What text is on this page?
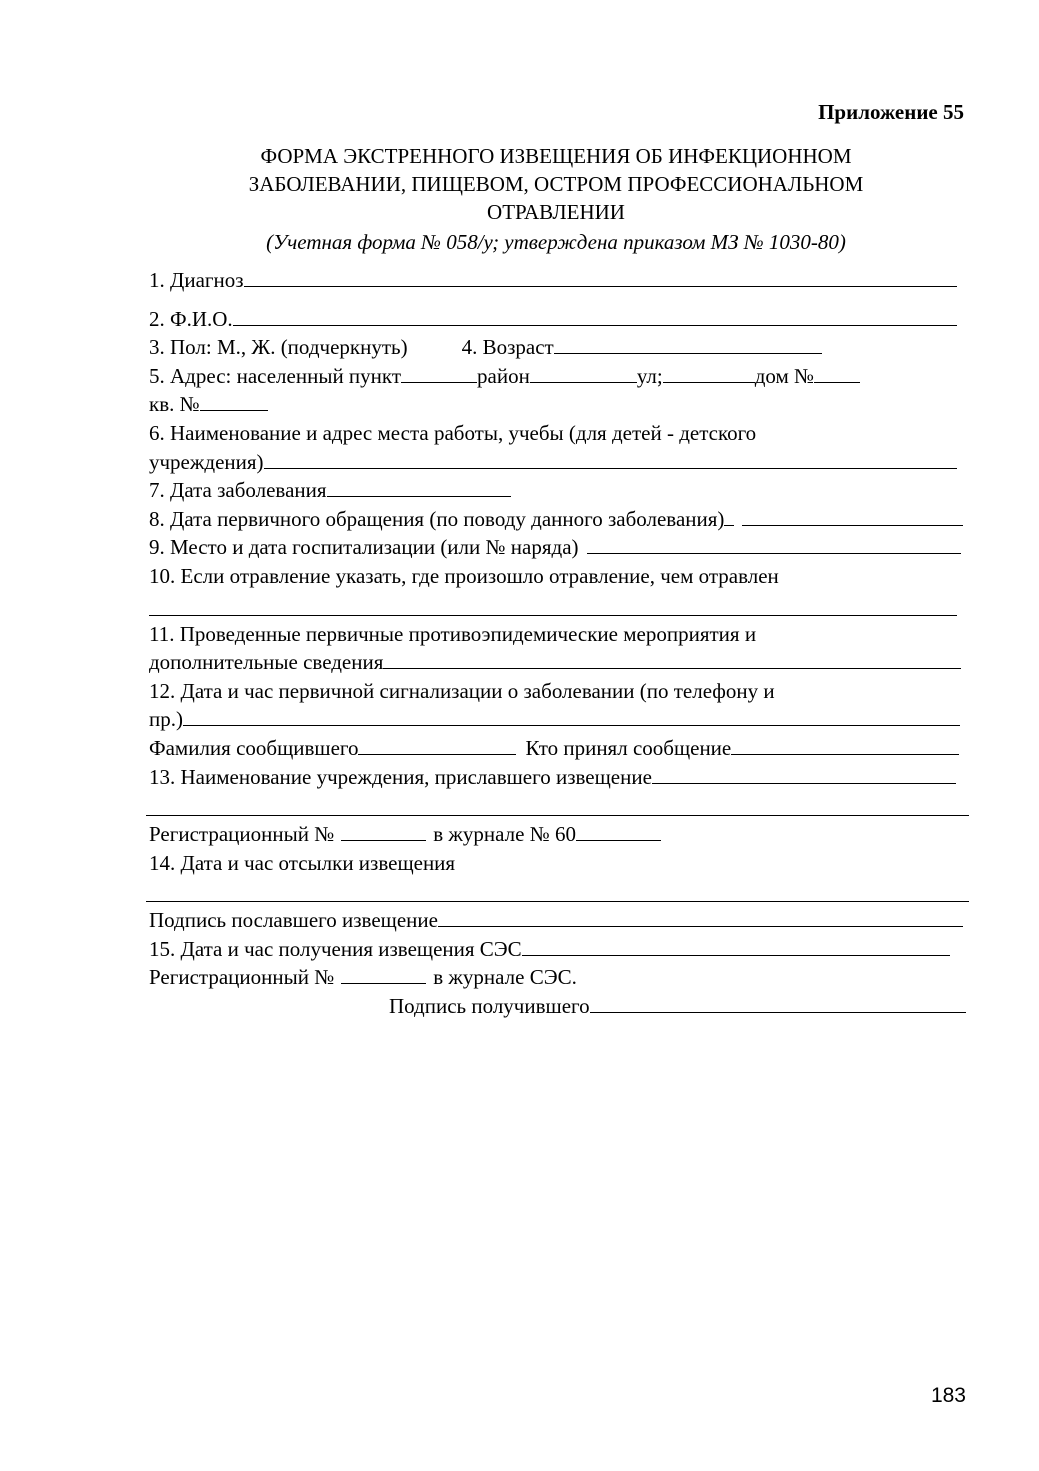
Приложение 55
ФОРМА ЭКСТРЕННОГО ИЗВЕЩЕНИЯ ОБ ИНФЕКЦИОННОМ
ЗАБОЛЕВАНИИ, ПИЩЕВОМ, ОСТРОМ ПРОФЕССИОНАЛЬНОМ
ОТРАВЛЕНИИ
(Учетная форма № 058/у; утверждена приказом МЗ № 1030-80)
1. Диагноз
2. Ф.И.О.
3. Пол: М., Ж. (подчеркнуть)	4. Возраст
5. Адрес: населенный пункт	район	ул;	дом №
кв. №
6. Наименование и адрес места работы, учебы (для детей - детского
учреждения)
7. Дата заболевания
8. Дата первичного обращения (по поводу данного заболевания)
9. Место и дата госпитализации (или № наряда)
10. Если отравление указать, где произошло отравление, чем отравлен
11. Проведенные первичные противоэпидемические мероприятия и
дополнительные сведения
12. Дата и час первичной сигнализации о заболевании (по телефону и
пр.)
Фамилия сообщившего	Кто принял сообщение
13. Наименование учреждения, приславшего извещение
Регистрационный №	в журнале № 60
14. Дата и час отсылки извещения
Подпись пославшего извещение
15. Дата и час получения извещения СЭС
Регистрационный №	в журнале СЭС.
Подпись получившего
183
